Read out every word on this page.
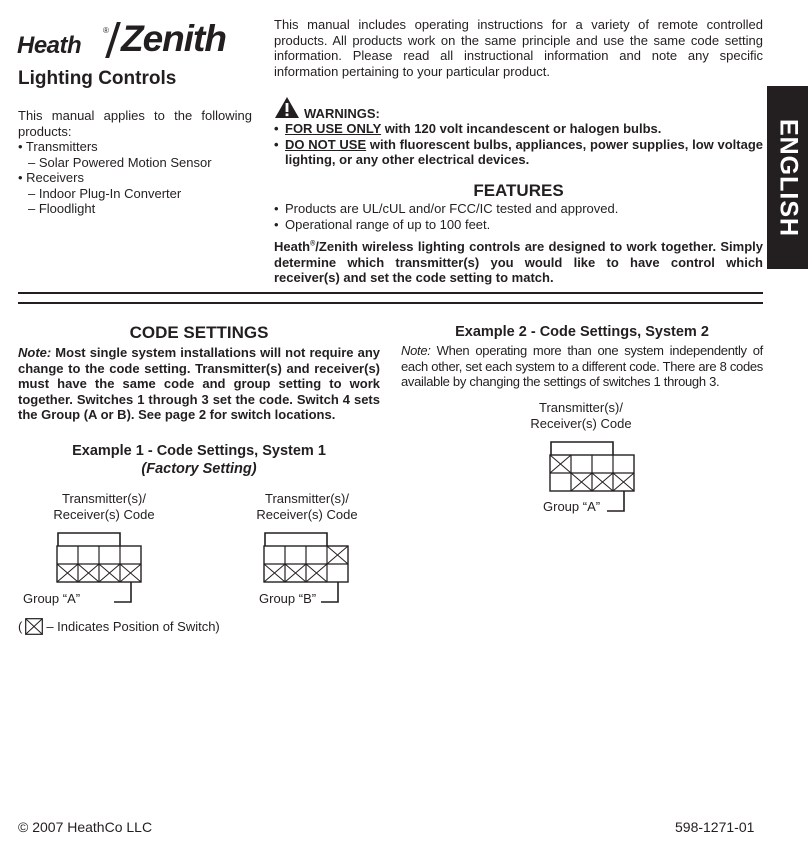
Heath
® Zenith
Lighting Controls
This manual applies to the following products:
• Transmitters
– Solar Powered Motion Sensor
• Receivers
– Indoor Plug-In Converter
– Floodlight
This manual includes operating instructions for a variety of remote controlled products. All products work on the same principle and use the same code setting information. Please read all instructional information and note any specific information pertaining to your particular product.
WARNINGS:
• FOR USE ONLY with 120 volt incandescent or halogen bulbs.
• DO NOT USE with fluorescent bulbs, appliances, power supplies, low voltage lighting, or any other electrical devices.
FEATURES
• Products are UL/cUL and/or FCC/IC tested and approved.
• Operational range of up to 100 feet.
Heath®/Zenith wireless lighting controls are designed to work together. Simply determine which transmitter(s) you would like to have control which receiver(s) and set the code setting to match.
ENGLISH
CODE SETTINGS
Note: Most single system installations will not require any change to the code setting. Transmitter(s) and receiver(s) must have the same code and group setting to work together. Switches 1 through 3 set the code. Switch 4 sets the Group (A or B). See page 2 for switch locations.
Example 1 - Code Settings, System 1
(Factory Setting)
Transmitter(s)/
Receiver(s) Code
Group “A”
Transmitter(s)/
Receiver(s) Code
Group “B”
( – Indicates Position of Switch)
Example 2 - Code Settings, System 2
Note: When operating more than one system independently of each other, set each system to a different code. There are 8 codes available by changing the settings of switches 1 through 3.
Transmitter(s)/
Receiver(s) Code
Group “A”
© 2007 HeathCo LLC	598-1271-01
